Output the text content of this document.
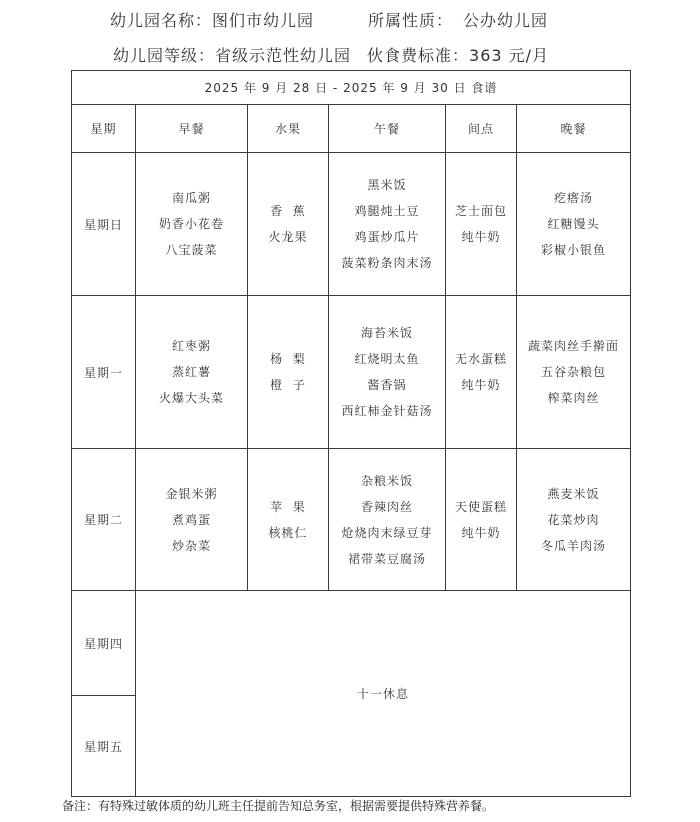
幼儿园名称：图们市幼儿园	所属性质： 公办幼儿园
幼儿园等级：省级示范性幼儿园 伙食费标准：363 元/月
2025 年 9 月 28 日 - 2025 年 9 月 30 日 食谱					
星期	早餐	水果	午餐	间点	晚餐
星期日	南瓜粥
奶香小花卷
八宝菠菜	香  蕉
火龙果	黑米饭
鸡腿炖土豆
鸡蛋炒瓜片
菠菜粉条肉末汤	芝士面包
纯牛奶	疙瘩汤
红糖馒头
彩椒小银鱼

星期一	红枣粥
蒸红薯
火爆大头菜	杨  梨
橙  子	海苔米饭
红烧明太鱼
酱香锅
西红柿金针菇汤	无水蛋糕
纯牛奶	蔬菜肉丝手擀面
五谷杂粮包
榨菜肉丝

星期二	金银米粥
煮鸡蛋
炒杂菜	苹  果
核桃仁	杂粮米饭
香辣肉丝
炝烧肉末绿豆芽
裙带菜豆腐汤	天使蛋糕
纯牛奶	燕麦米饭
花菜炒肉
冬瓜羊肉汤

星期四	十一休息				
星期五					
备注：有特殊过敏体质的幼儿班主任提前告知总务室，根据需要提供特殊营养餐。
